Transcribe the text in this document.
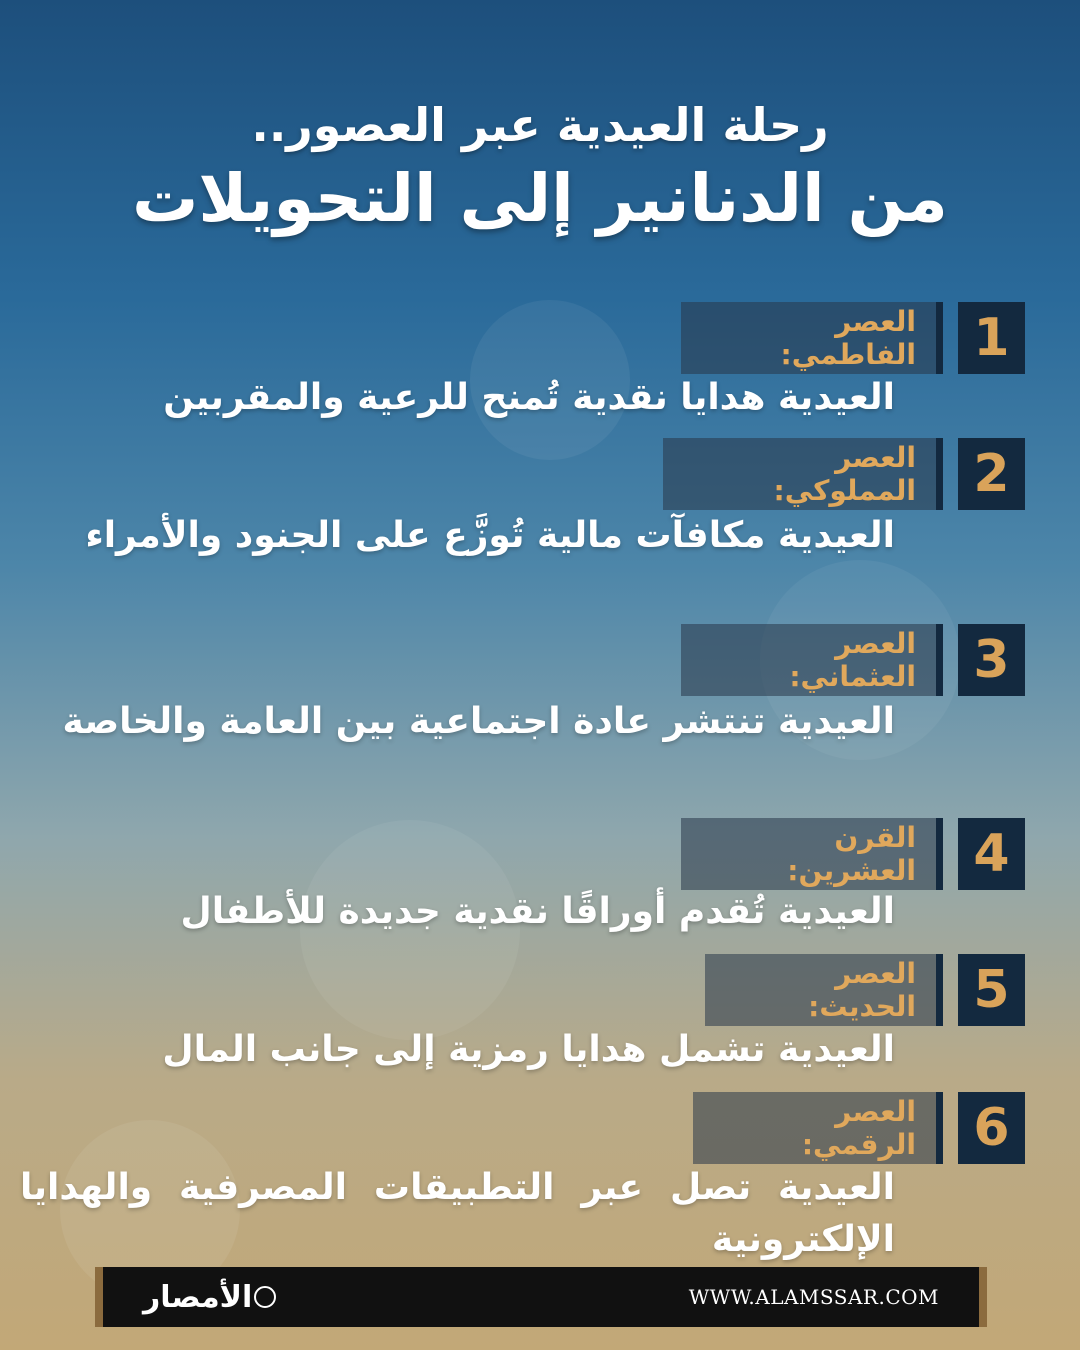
رحلة العيدية عبر العصور..
من الدنانير إلى التحويلات
1
العصر الفاطمي:
العيدية هدايا نقدية تُمنح للرعية والمقربين
2
العصر المملوكي:
العيدية مكافآت مالية تُوزَّع على الجنود والأمراء
3
العصر العثماني:
العيدية تنتشر عادة اجتماعية بين العامة والخاصة
4
القرن العشرين:
العيدية تُقدم أوراقًا نقدية جديدة للأطفال
5
العصر الحديث:
العيدية تشمل هدايا رمزية إلى جانب المال
6
العصر الرقمي:
العيدية تصل عبر التطبيقات المصرفية والهدايا الإلكترونية
الأمصار	WWW.ALAMSSAR.COM
